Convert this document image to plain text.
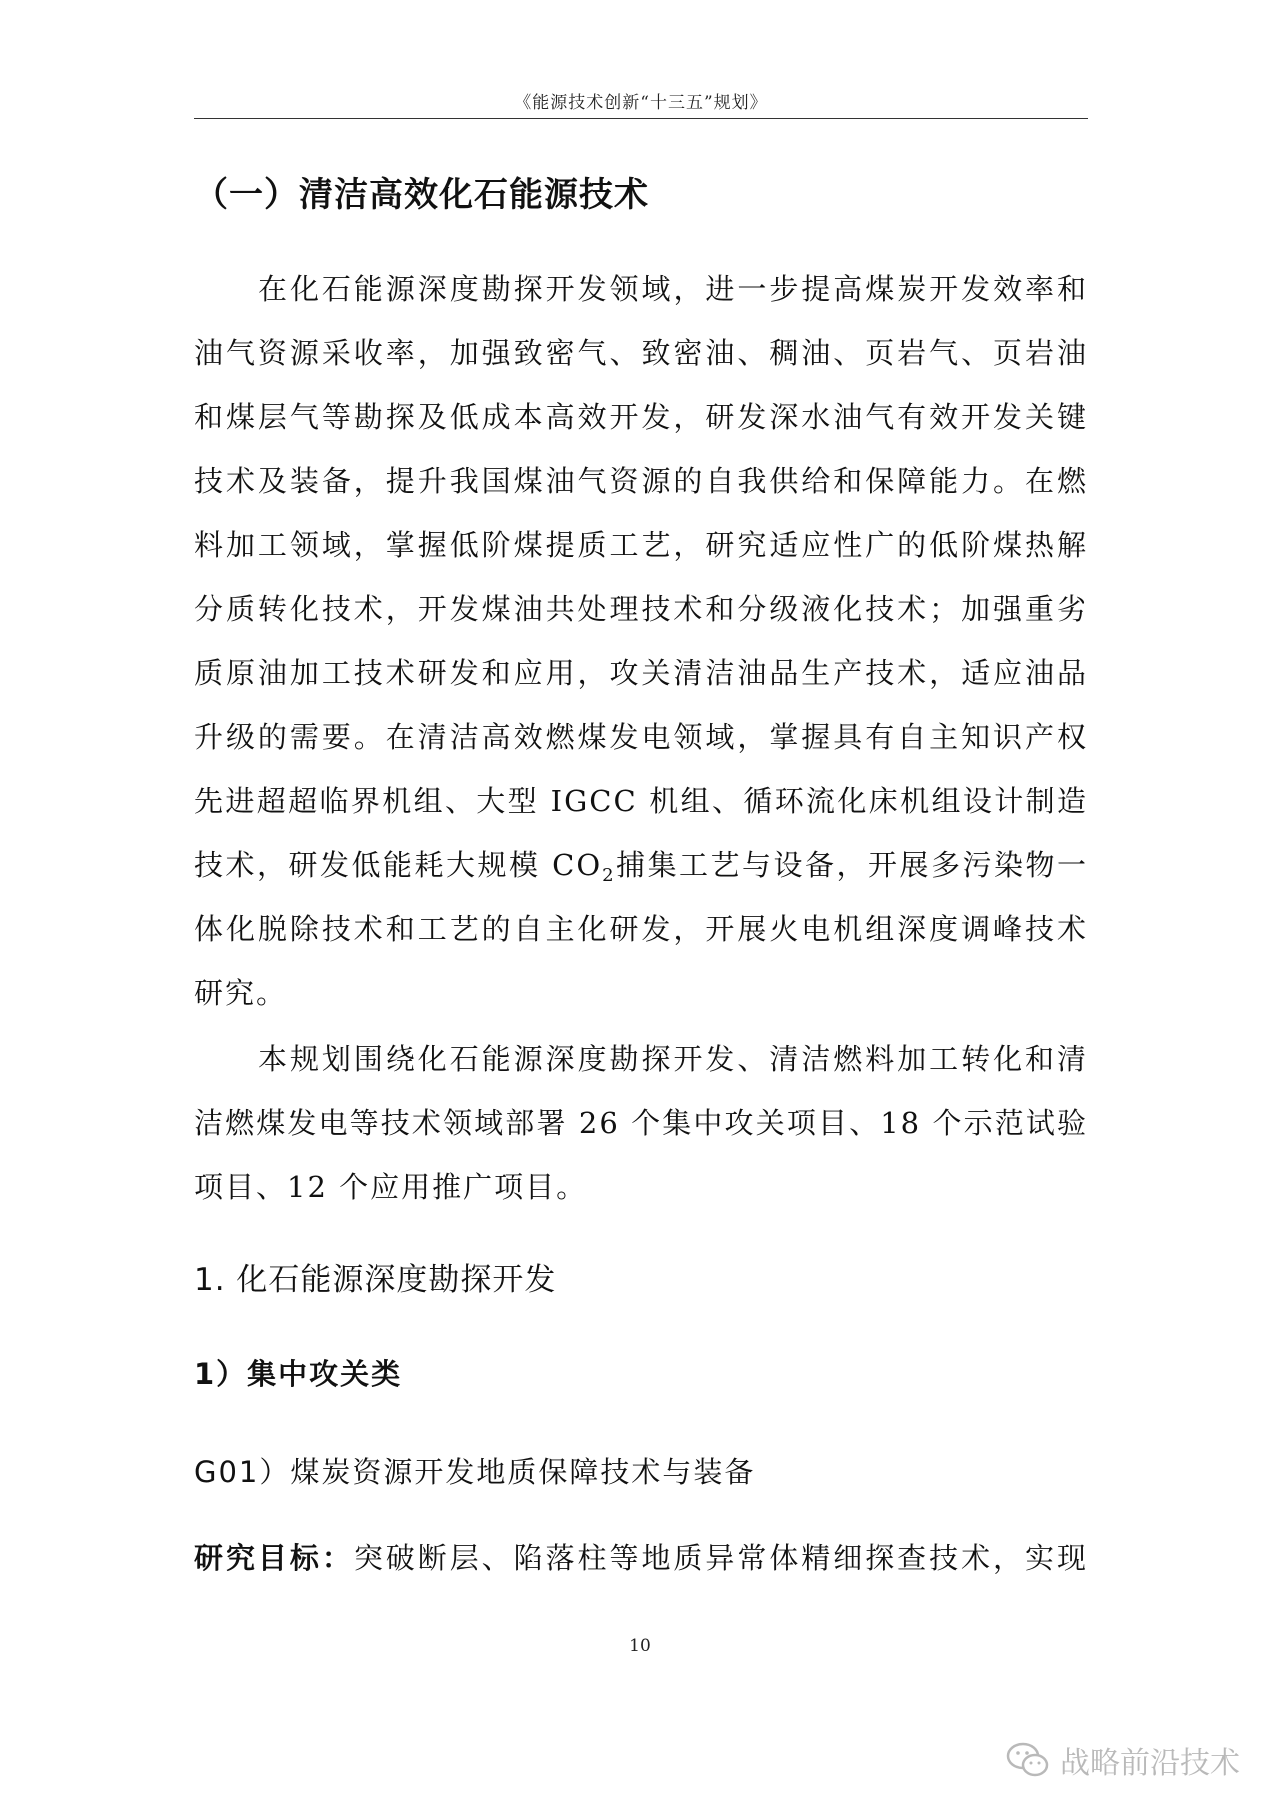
《能源技术创新“十三五”规划》
（一）清洁高效化石能源技术
在化石能源深度勘探开发领域，进一步提高煤炭开发效率和
油气资源采收率，加强致密气、致密油、稠油、页岩气、页岩油
和煤层气等勘探及低成本高效开发，研发深水油气有效开发关键
技术及装备，提升我国煤油气资源的自我供给和保障能力。在燃
料加工领域，掌握低阶煤提质工艺，研究适应性广的低阶煤热解
分质转化技术，开发煤油共处理技术和分级液化技术；加强重劣
质原油加工技术研发和应用，攻关清洁油品生产技术，适应油品
升级的需要。在清洁高效燃煤发电领域，掌握具有自主知识产权
先进超超临界机组、大型 IGCC 机组、循环流化床机组设计制造
技术，研发低能耗大规模 $CO_2$捕集工艺与设备，开展多污染物一
体化脱除技术和工艺的自主化研发，开展火电机组深度调峰技术
研究。
本规划围绕化石能源深度勘探开发、清洁燃料加工转化和清
洁燃煤发电等技术领域部署 26 个集中攻关项目、18 个示范试验
项目、12 个应用推广项目。
1. 化石能源深度勘探开发
1）集中攻关类
G01）煤炭资源开发地质保障技术与装备
研究目标：突破断层、陷落柱等地质异常体精细探查技术，实现
10
战略前沿技术
